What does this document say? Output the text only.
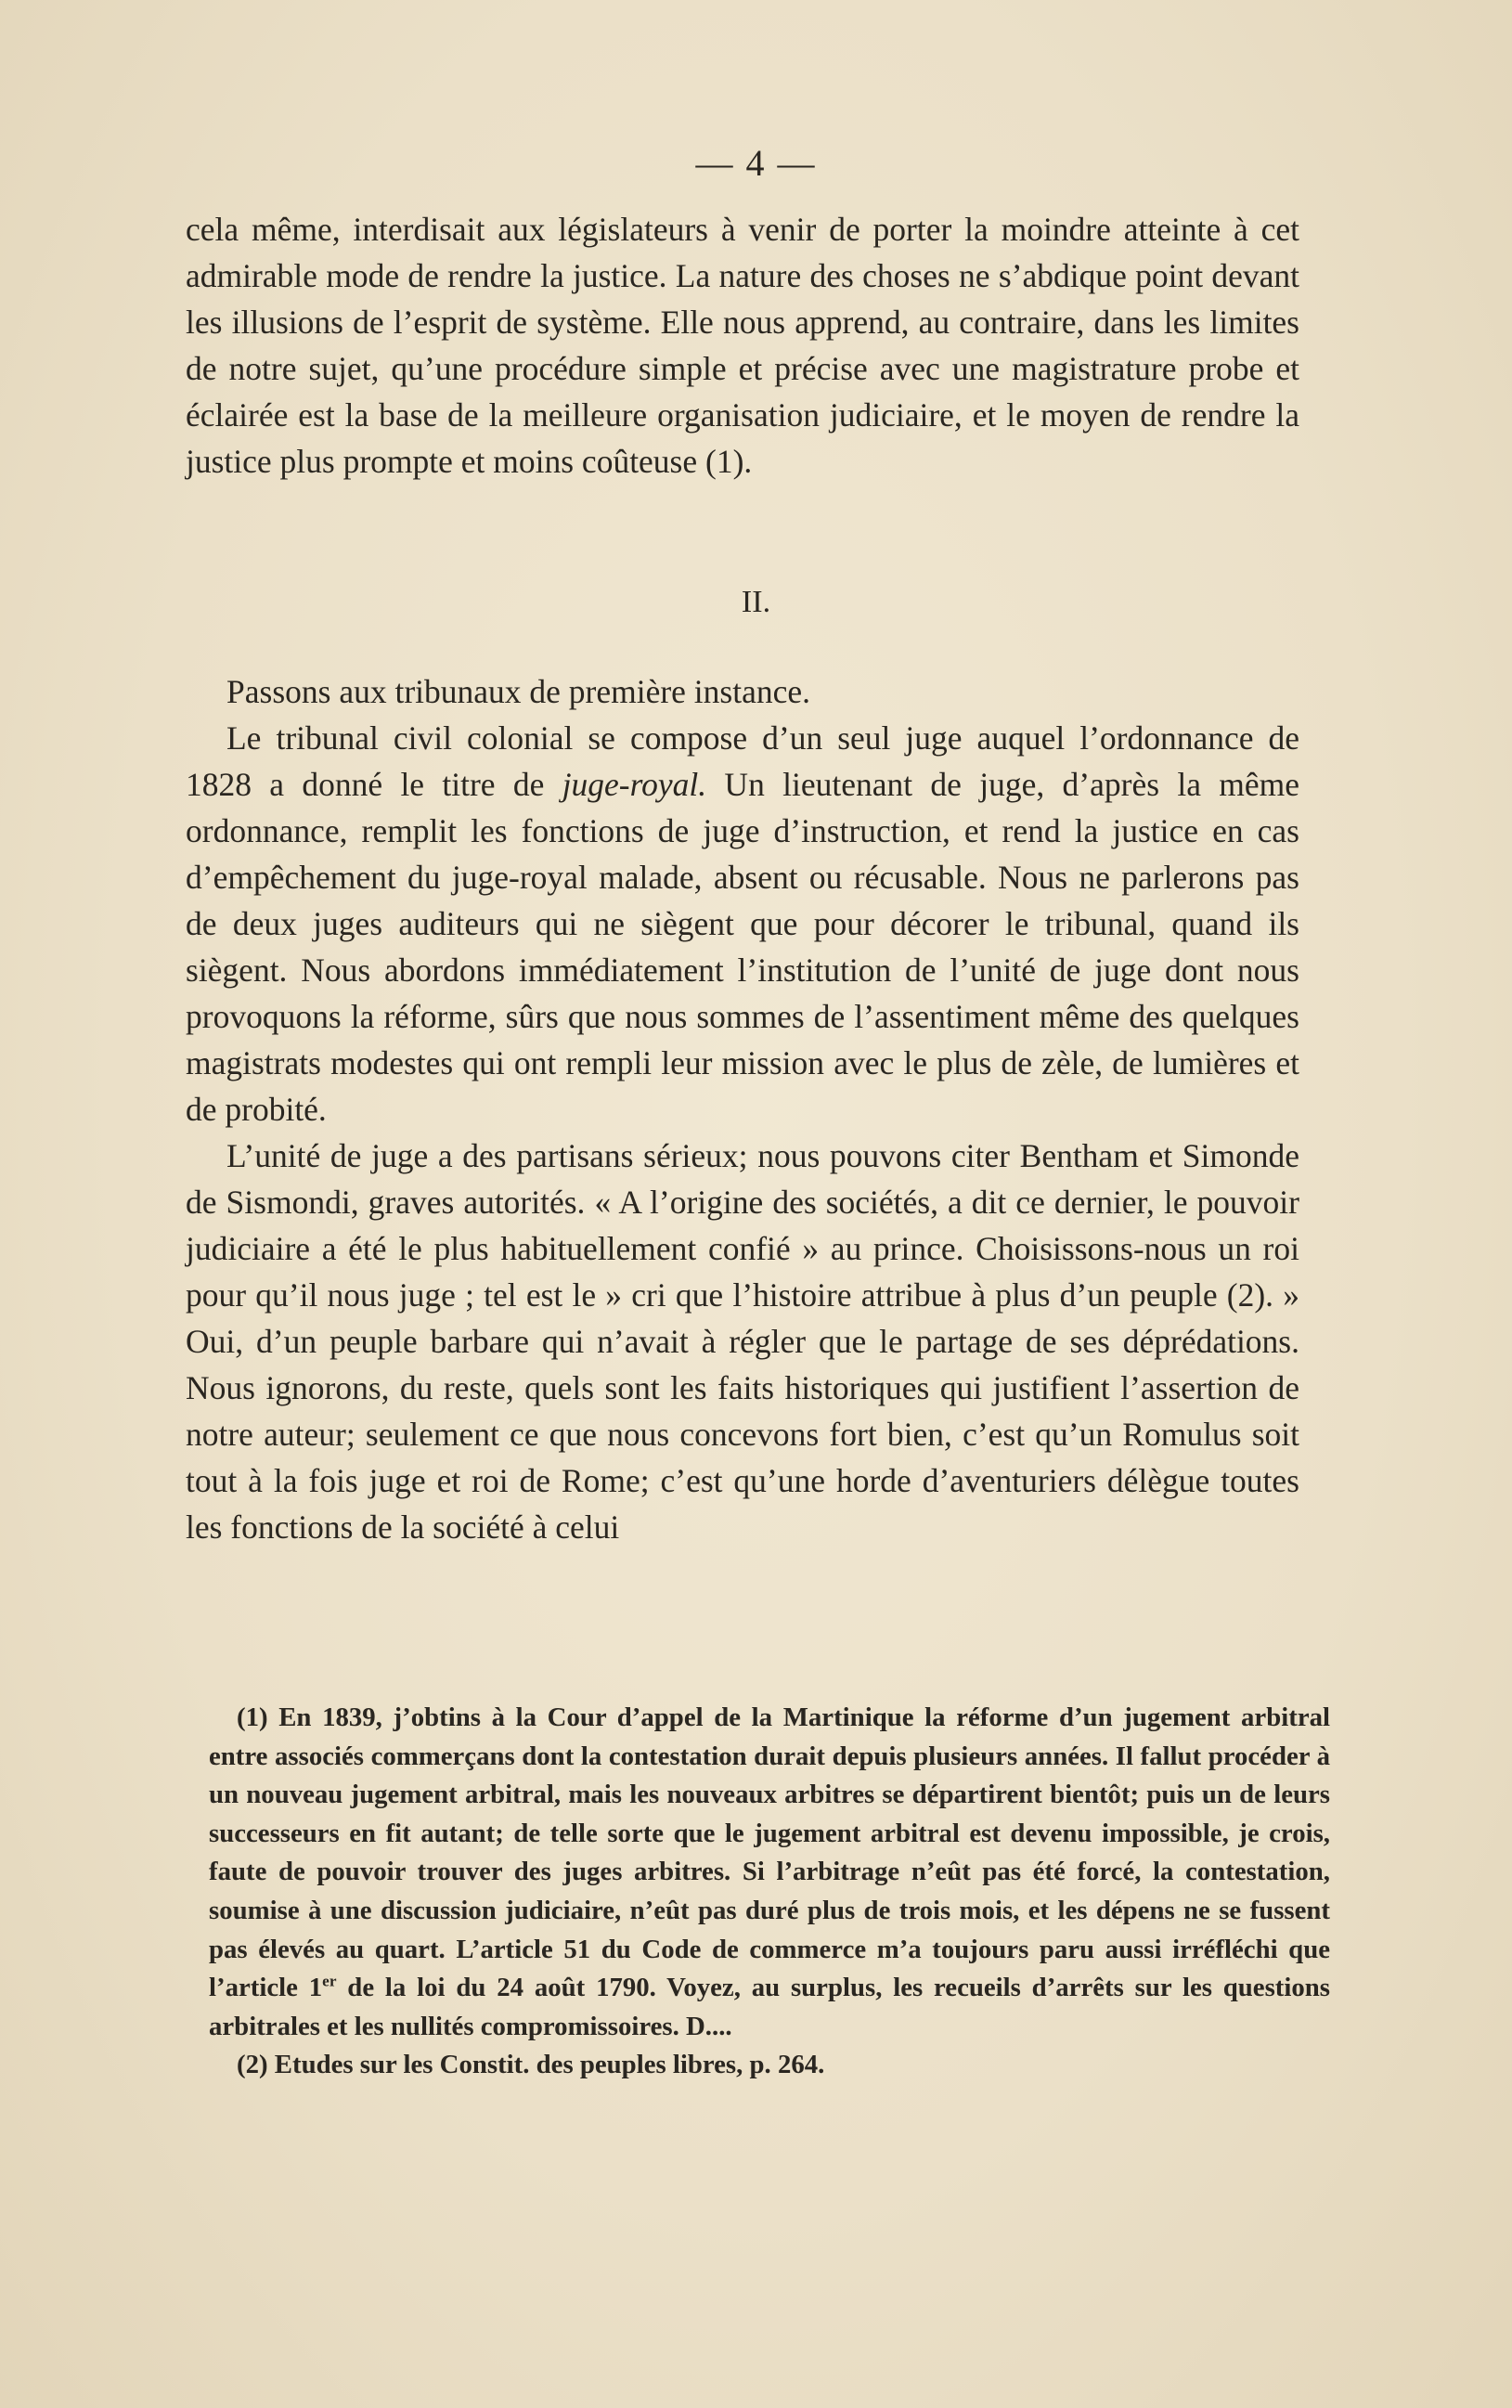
— 4 —

cela même, interdisait aux législateurs à venir de porter la moindre atteinte à cet admirable mode de rendre la justice. La nature des choses ne s’abdique point devant les illusions de l’esprit de système. Elle nous apprend, au contraire, dans les limites de notre sujet, qu’une procédure simple et précise avec une magistrature probe et éclairée est la base de la meilleure organisation judiciaire, et le moyen de rendre la justice plus prompte et moins coûteuse (1).

II.

Passons aux tribunaux de première instance.

Le tribunal civil colonial se compose d’un seul juge auquel l’ordonnance de 1828 a donné le titre de juge-royal. Un lieutenant de juge, d’après la même ordonnance, remplit les fonctions de juge d’instruction, et rend la justice en cas d’empêchement du juge-royal malade, absent ou récusable. Nous ne parlerons pas de deux juges auditeurs qui ne siègent que pour décorer le tribunal, quand ils siègent. Nous abordons immédiatement l’institution de l’unité de juge dont nous provoquons la réforme, sûrs que nous sommes de l’assentiment même des quelques magistrats modestes qui ont rempli leur mission avec le plus de zèle, de lumières et de probité.

L’unité de juge a des partisans sérieux; nous pouvons citer Bentham et Simonde de Sismondi, graves autorités. « A l’origine des sociétés, a dit ce dernier, le pouvoir judiciaire a été le plus habituellement confié » au prince. Choisissons-nous un roi pour qu’il nous juge ; tel est le » cri que l’histoire attribue à plus d’un peuple (2). » Oui, d’un peuple barbare qui n’avait à régler que le partage de ses déprédations. Nous ignorons, du reste, quels sont les faits historiques qui justifient l’assertion de notre auteur; seulement ce que nous concevons fort bien, c’est qu’un Romulus soit tout à la fois juge et roi de Rome; c’est qu’une horde d’aventuriers délègue toutes les fonctions de la société à celui

(1) En 1839, j’obtins à la Cour d’appel de la Martinique la réforme d’un jugement arbitral entre associés commerçans dont la contestation durait depuis plusieurs années. Il fallut procéder à un nouveau jugement arbitral, mais les nouveaux arbitres se départirent bientôt; puis un de leurs successeurs en fit autant; de telle sorte que le jugement arbitral est devenu impossible, je crois, faute de pouvoir trouver des juges arbitres. Si l’arbitrage n’eût pas été forcé, la contestation, soumise à une discussion judiciaire, n’eût pas duré plus de trois mois, et les dépens ne se fussent pas élevés au quart. L’article 51 du Code de commerce m’a toujours paru aussi irréfléchi que l’article 1er de la loi du 24 août 1790. Voyez, au surplus, les recueils d’arrêts sur les questions arbitrales et les nullités compromissoires. D....

(2) Etudes sur les Constit. des peuples libres, p. 264.
